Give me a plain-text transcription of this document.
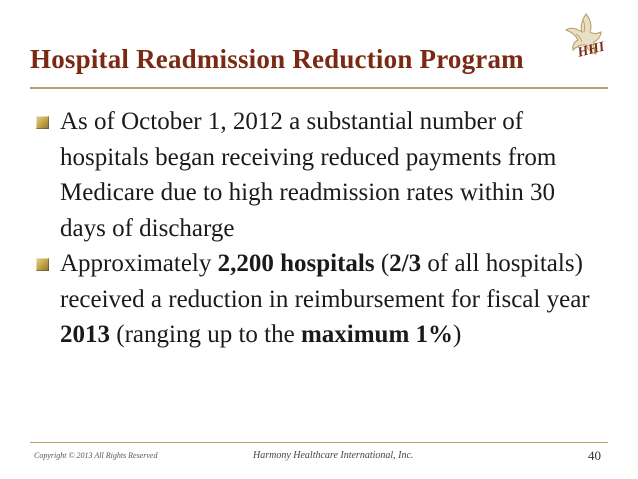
Hospital Readmission Reduction Program	HHI
As of October 1, 2012 a substantial number of hospitals began receiving reduced payments from Medicare due to high readmission rates within 30 days of discharge
Approximately 2,200 hospitals (2/3 of all hospitals) received a reduction in reimbursement for fiscal year 2013 (ranging up to the maximum 1%)
Copyright © 2013 All Rights Reserved	Harmony Healthcare International, Inc.	40
